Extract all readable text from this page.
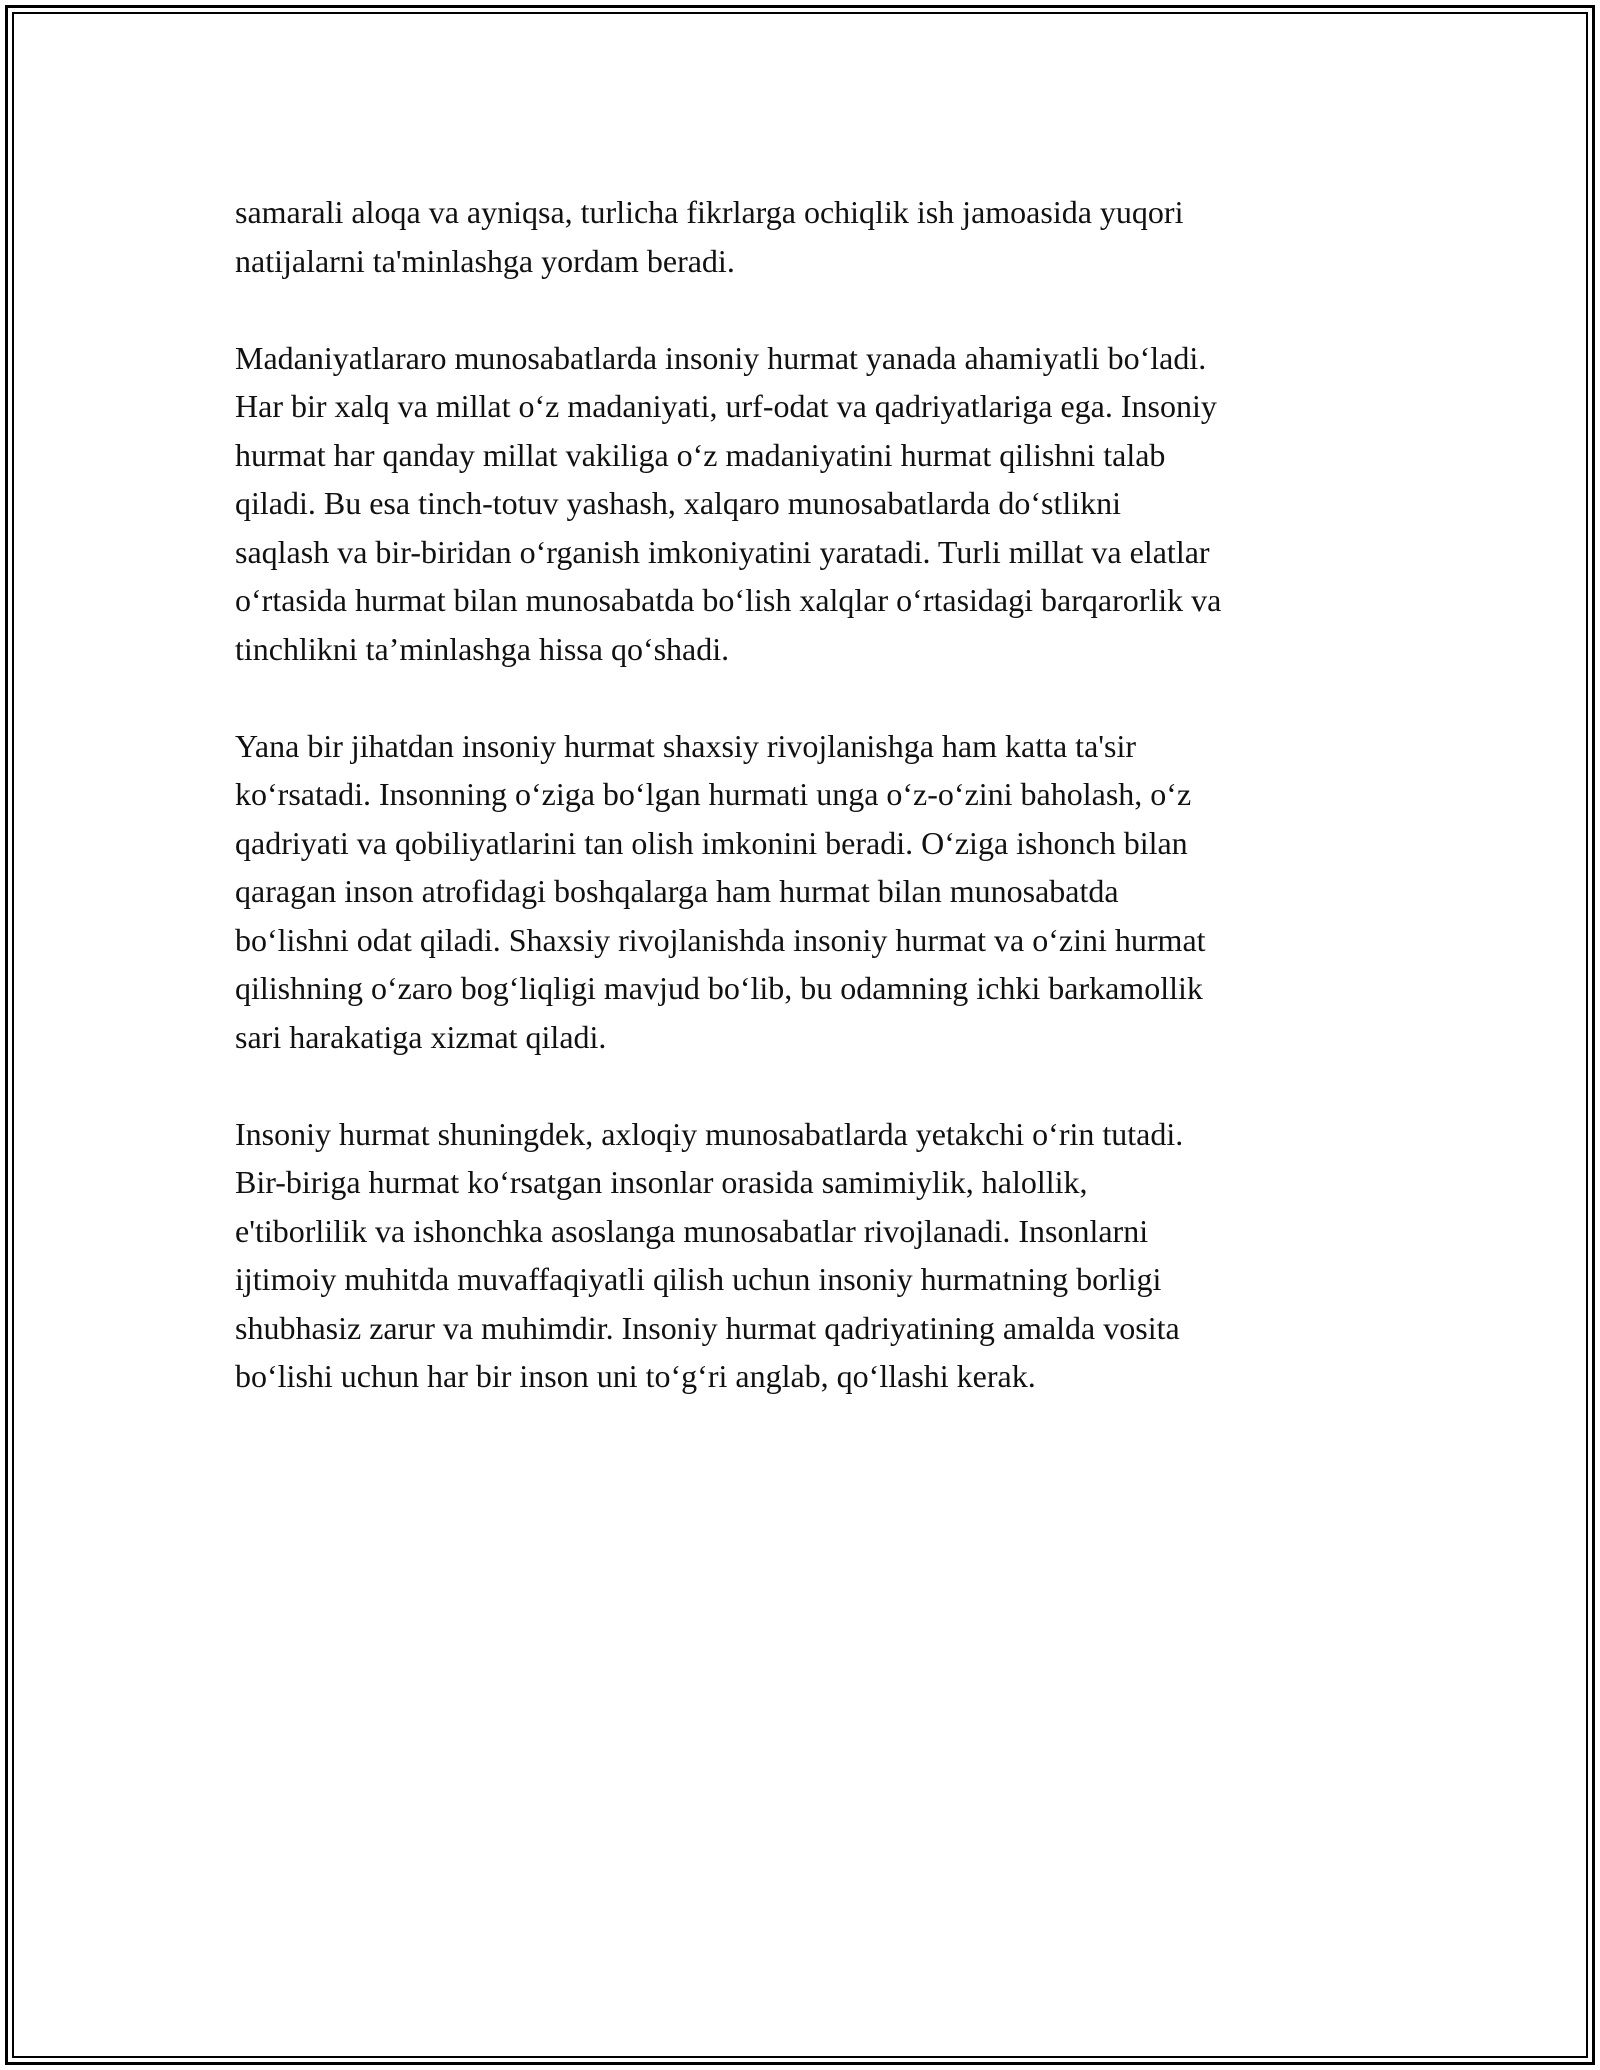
samarali aloqa va ayniqsa, turlicha fikrlarga ochiqlik ish jamoasida yuqori
natijalarni ta'minlashga yordam beradi.

Madaniyatlararo munosabatlarda insoniy hurmat yanada ahamiyatli boʻladi.
Har bir xalq va millat oʻz madaniyati, urf-odat va qadriyatlariga ega. Insoniy
hurmat har qanday millat vakiliga oʻz madaniyatini hurmat qilishni talab
qiladi. Bu esa tinch-totuv yashash, xalqaro munosabatlarda doʻstlikni
saqlash va bir-biridan oʻrganish imkoniyatini yaratadi. Turli millat va elatlar
oʻrtasida hurmat bilan munosabatda boʻlish xalqlar oʻrtasidagi barqarorlik va
tinchlikni ta’minlashga hissa qoʻshadi.

Yana bir jihatdan insoniy hurmat shaxsiy rivojlanishga ham katta ta'sir
koʻrsatadi. Insonning oʻziga boʻlgan hurmati unga oʻz-oʻzini baholash, oʻz
qadriyati va qobiliyatlarini tan olish imkonini beradi. Oʻziga ishonch bilan
qaragan inson atrofidagi boshqalarga ham hurmat bilan munosabatda
boʻlishni odat qiladi. Shaxsiy rivojlanishda insoniy hurmat va oʻzini hurmat
qilishning oʻzaro bogʻliqligi mavjud boʻlib, bu odamning ichki barkamollik
sari harakatiga xizmat qiladi.

Insoniy hurmat shuningdek, axloqiy munosabatlarda yetakchi oʻrin tutadi.
Bir-biriga hurmat koʻrsatgan insonlar orasida samimiylik, halollik,
e'tiborlilik va ishonchka asoslanga munosabatlar rivojlanadi. Insonlarni
ijtimoiy muhitda muvaffaqiyatli qilish uchun insoniy hurmatning borligi
shubhasiz zarur va muhimdir. Insoniy hurmat qadriyatining amalda vosita
boʻlishi uchun har bir inson uni toʻgʻri anglab, qoʻllashi kerak.
